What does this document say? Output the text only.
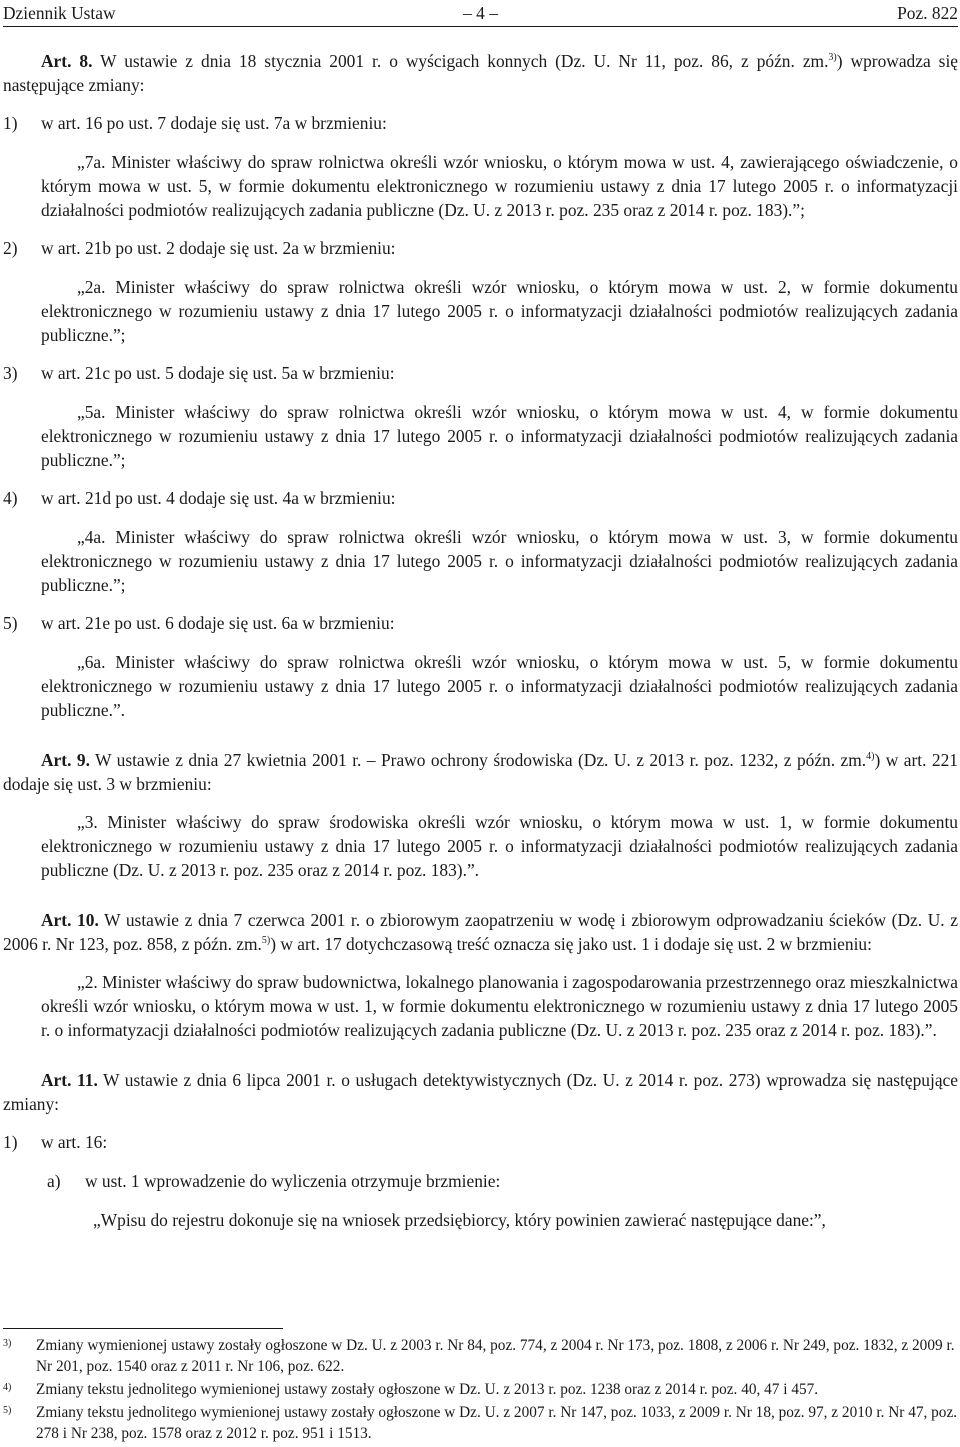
Dziennik Ustaw	– 4 –	Poz. 822

Art. 8. W ustawie z dnia 18 stycznia 2001 r. o wyścigach konnych (Dz. U. Nr 11, poz. 86, z późn. zm.$^{3)}$) wprowadza się następujące zmiany:

1) w art. 16 po ust. 7 dodaje się ust. 7a w brzmieniu:

„7a. Minister właściwy do spraw rolnictwa określi wzór wniosku, o którym mowa w ust. 4, zawierającego oświadczenie, o którym mowa w ust. 5, w formie dokumentu elektronicznego w rozumieniu ustawy z dnia 17 lutego 2005 r. o informatyzacji działalności podmiotów realizujących zadania publiczne (Dz. U. z 2013 r. poz. 235 oraz z 2014 r. poz. 183).”;

2) w art. 21b po ust. 2 dodaje się ust. 2a w brzmieniu:

„2a. Minister właściwy do spraw rolnictwa określi wzór wniosku, o którym mowa w ust. 2, w formie dokumentu elektronicznego w rozumieniu ustawy z dnia 17 lutego 2005 r. o informatyzacji działalności podmiotów realizujących zadania publiczne.”;

3) w art. 21c po ust. 5 dodaje się ust. 5a w brzmieniu:

„5a. Minister właściwy do spraw rolnictwa określi wzór wniosku, o którym mowa w ust. 4, w formie dokumentu elektronicznego w rozumieniu ustawy z dnia 17 lutego 2005 r. o informatyzacji działalności podmiotów realizujących zadania publiczne.”;

4) w art. 21d po ust. 4 dodaje się ust. 4a w brzmieniu:

„4a. Minister właściwy do spraw rolnictwa określi wzór wniosku, o którym mowa w ust. 3, w formie dokumentu elektronicznego w rozumieniu ustawy z dnia 17 lutego 2005 r. o informatyzacji działalności podmiotów realizujących zadania publiczne.”;

5) w art. 21e po ust. 6 dodaje się ust. 6a w brzmieniu:

„6a. Minister właściwy do spraw rolnictwa określi wzór wniosku, o którym mowa w ust. 5, w formie dokumentu elektronicznego w rozumieniu ustawy z dnia 17 lutego 2005 r. o informatyzacji działalności podmiotów realizujących zadania publiczne.”.

Art. 9. W ustawie z dnia 27 kwietnia 2001 r. – Prawo ochrony środowiska (Dz. U. z 2013 r. poz. 1232, z późn. zm.$^{4)}$) w art. 221 dodaje się ust. 3 w brzmieniu:

„3. Minister właściwy do spraw środowiska określi wzór wniosku, o którym mowa w ust. 1, w formie dokumentu elektronicznego w rozumieniu ustawy z dnia 17 lutego 2005 r. o informatyzacji działalności podmiotów realizujących zadania publiczne (Dz. U. z 2013 r. poz. 235 oraz z 2014 r. poz. 183).”.

Art. 10. W ustawie z dnia 7 czerwca 2001 r. o zbiorowym zaopatrzeniu w wodę i zbiorowym odprowadzaniu ścieków (Dz. U. z 2006 r. Nr 123, poz. 858, z późn. zm.$^{5)}$) w art. 17 dotychczasową treść oznacza się jako ust. 1 i dodaje się ust. 2 w brzmieniu:

„2. Minister właściwy do spraw budownictwa, lokalnego planowania i zagospodarowania przestrzennego oraz mieszkalnictwa określi wzór wniosku, o którym mowa w ust. 1, w formie dokumentu elektronicznego w rozumieniu ustawy z dnia 17 lutego 2005 r. o informatyzacji działalności podmiotów realizujących zadania publiczne (Dz. U. z 2013 r. poz. 235 oraz z 2014 r. poz. 183).”.

Art. 11. W ustawie z dnia 6 lipca 2001 r. o usługach detektywistycznych (Dz. U. z 2014 r. poz. 273) wprowadza się następujące zmiany:

1) w art. 16:
a) w ust. 1 wprowadzenie do wyliczenia otrzymuje brzmienie:

„Wpisu do rejestru dokonuje się na wniosek przedsiębiorcy, który powinien zawierać następujące dane:”,

3) Zmiany wymienionej ustawy zostały ogłoszone w Dz. U. z 2003 r. Nr 84, poz. 774, z 2004 r. Nr 173, poz. 1808, z 2006 r. Nr 249, poz. 1832, z 2009 r. Nr 201, poz. 1540 oraz z 2011 r. Nr 106, poz. 622.

4) Zmiany tekstu jednolitego wymienionej ustawy zostały ogłoszone w Dz. U. z 2013 r. poz. 1238 oraz z 2014 r. poz. 40, 47 i 457.

5) Zmiany tekstu jednolitego wymienionej ustawy zostały ogłoszone w Dz. U. z 2007 r. Nr 147, poz. 1033, z 2009 r. Nr 18, poz. 97, z 2010 r. Nr 47, poz. 278 i Nr 238, poz. 1578 oraz z 2012 r. poz. 951 i 1513.
